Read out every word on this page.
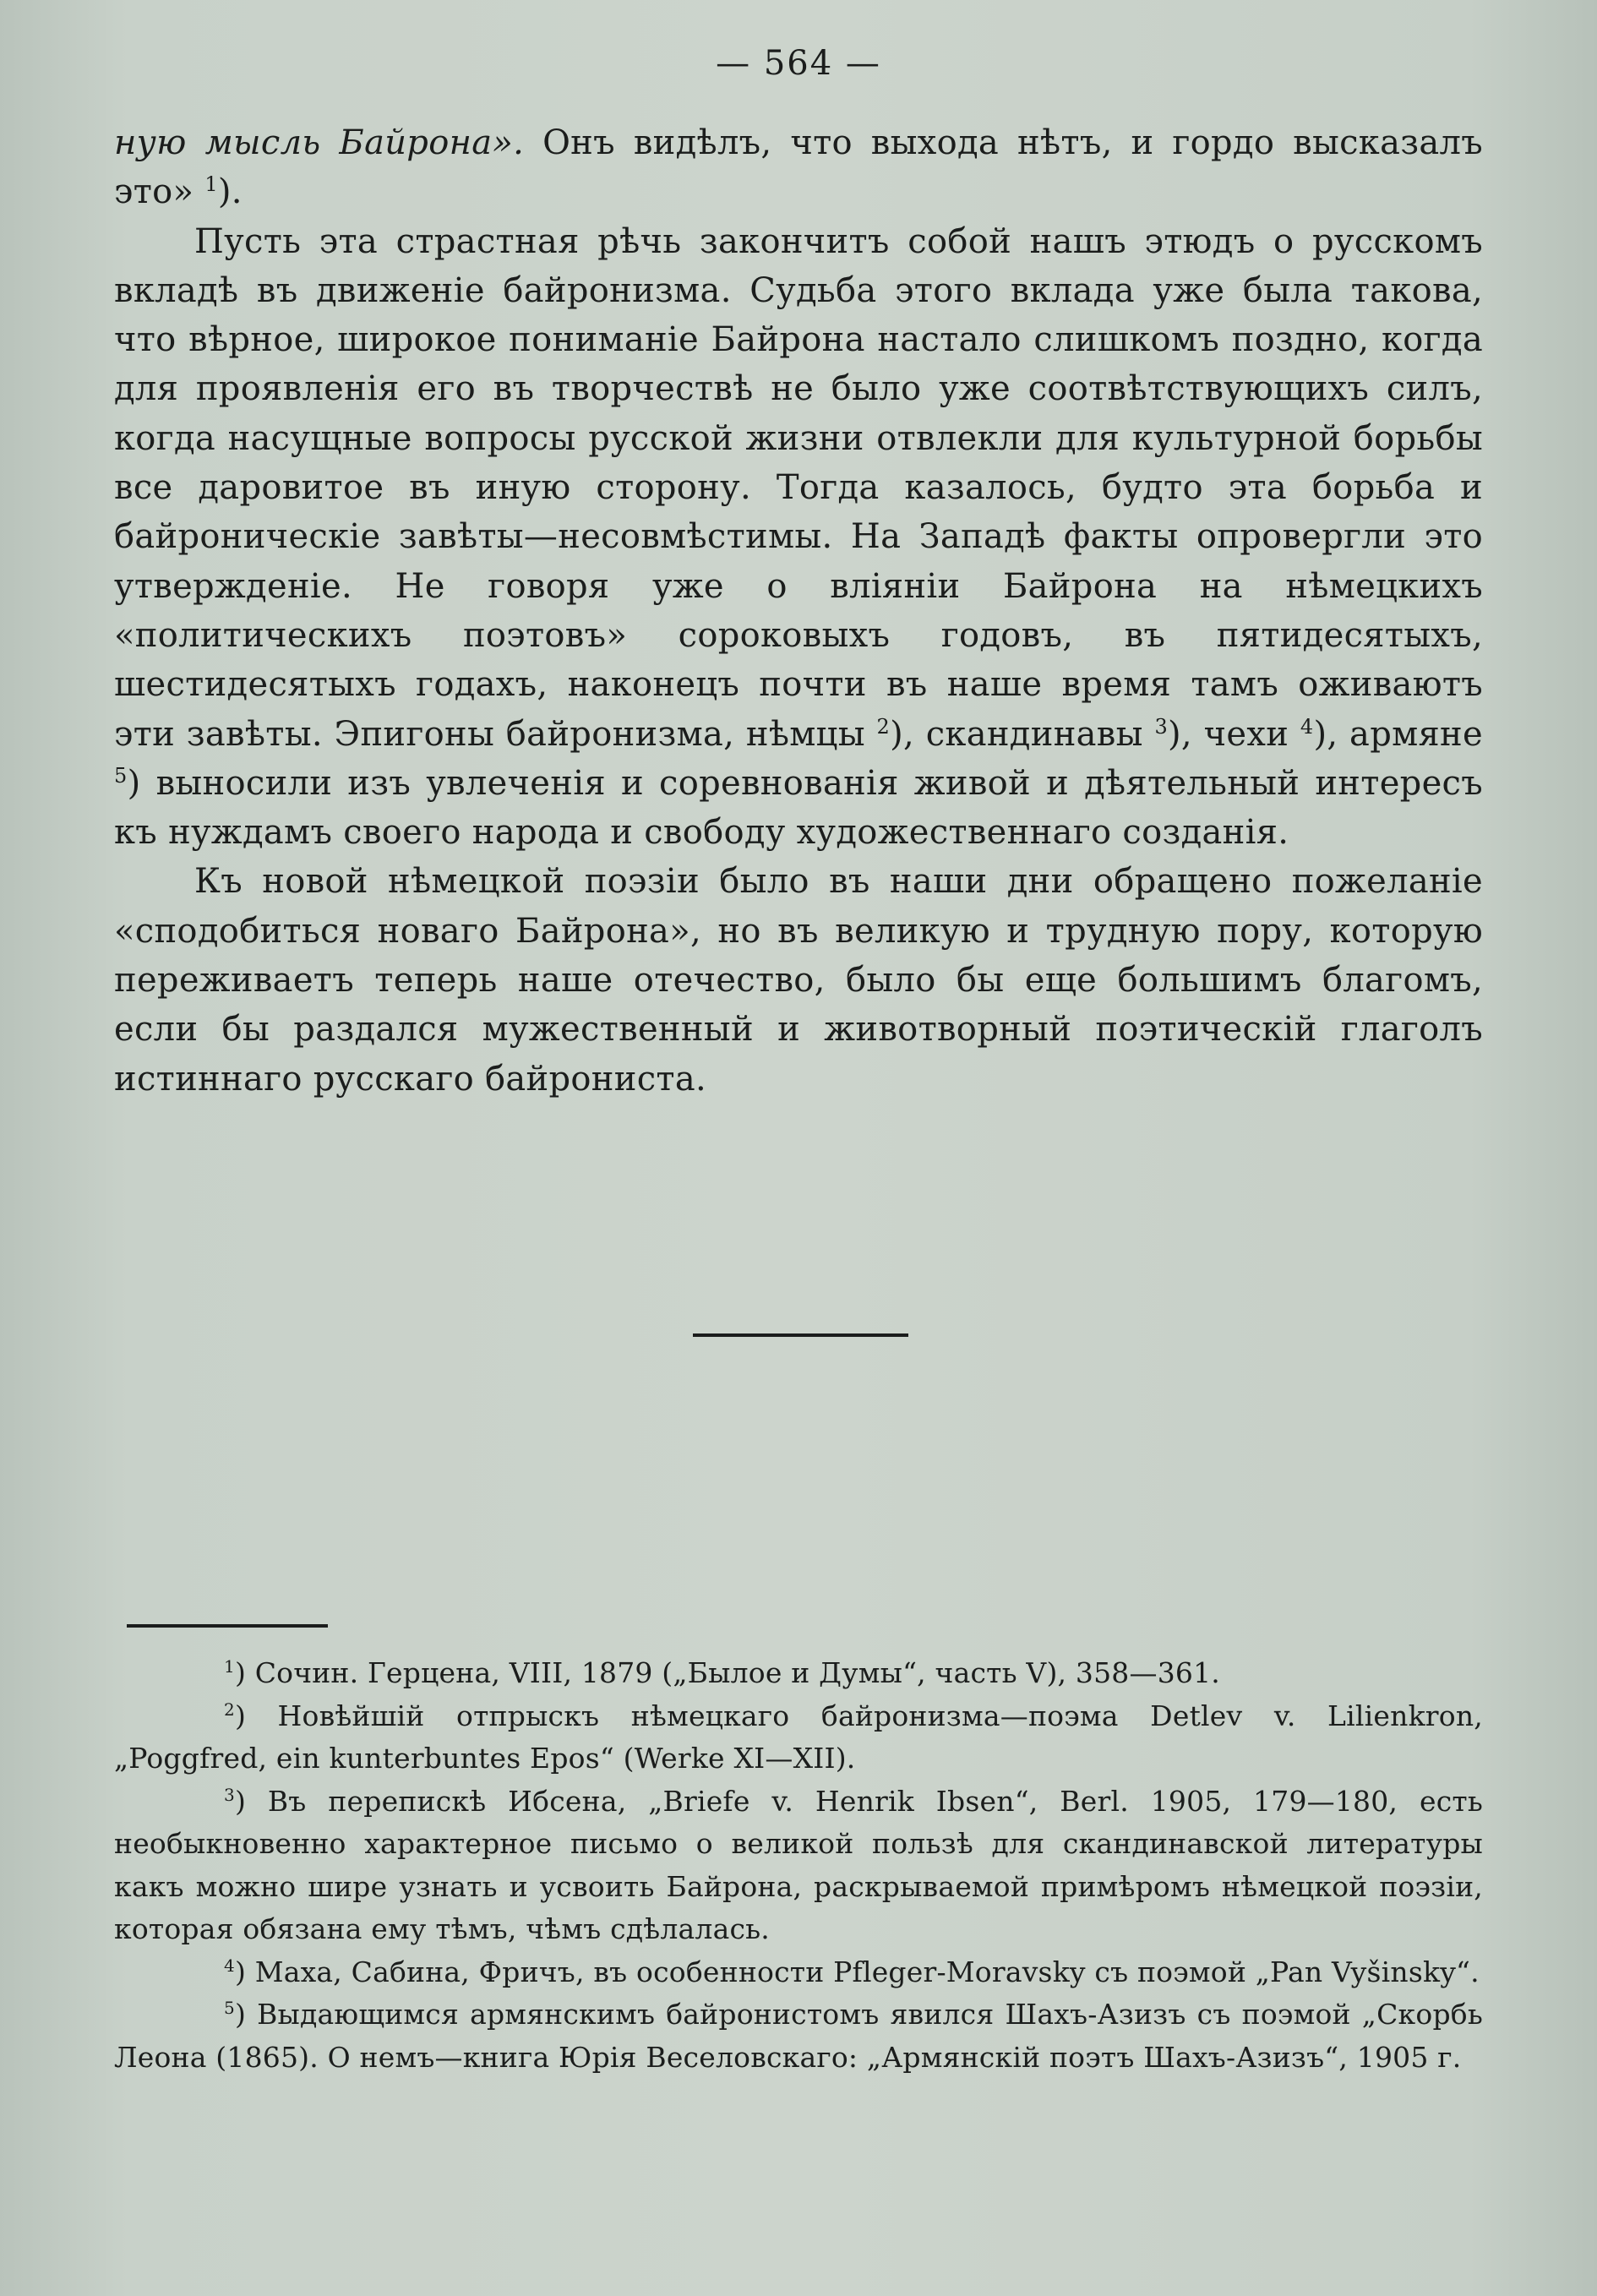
— 564 —

ную мысль Байрона». Онъ видѣлъ, что выхода нѣтъ, и гордо высказалъ это» $^1$).

Пусть эта страстная рѣчь закончитъ собой нашъ этюдъ о русскомъ вкладѣ въ движеніе байронизма. Судьба этого вклада уже была такова, что вѣрное, широкое пониманіе Байрона настало слишкомъ поздно, когда для проявленія его въ творчествѣ не было уже соотвѣтствующихъ силъ, когда насущные вопросы русской жизни отвлекли для культурной борьбы все даровитое въ иную сторону. Тогда казалось, будто эта борьба и байроническіе завѣты—несовмѣстимы. На Западѣ факты опровергли это утвержденіе. Не говоря уже о вліяніи Байрона на нѣмецкихъ «политическихъ поэтовъ» сороковыхъ годовъ, въ пятидесятыхъ, шестидесятыхъ годахъ, наконецъ почти въ наше время тамъ оживаютъ эти завѣты. Эпигоны байронизма, нѣмцы $^2$), скандинавы $^3$), чехи $^4$), армяне $^5$) выносили изъ увлеченія и соревнованія живой и дѣятельный интересъ къ нуждамъ своего народа и свободу художественнаго созданія.

Къ новой нѣмецкой поэзіи было въ наши дни обращено пожеланіе «сподобиться новаго Байрона», но въ великую и трудную пору, которую переживаетъ теперь наше отечество, было бы еще большимъ благомъ, если бы раздался мужественный и животворный поэтическій глаголъ истиннаго русскаго байрониста.

$^1$) Сочин. Герцена, VIII, 1879 („Былое и Думы“, часть V), 358—361.

$^2$) Новѣйшій отпрыскъ нѣмецкаго байронизма—поэма Detlev v. Lilienkron, „Poggfred, ein kunterbuntes Epos“ (Werke XI—XII).

$^3$) Въ перепискѣ Ибсена, „Briefe v. Henrik Ibsen“, Berl. 1905, 179—180, есть необыкновенно характерное письмо о великой пользѣ для скандинавской литературы какъ можно шире узнать и усвоить Байрона, раскрываемой примѣромъ нѣмецкой поэзіи, которая обязана ему тѣмъ, чѣмъ сдѣлалась.

$^4$) Маха, Сабина, Фричъ, въ особенности Pfleger-Moravsky съ поэмой „Pan Vyšinsky“.

$^5$) Выдающимся армянскимъ байронистомъ явился Шахъ-Азизъ съ поэмой „Скорбь Леона (1865). О немъ—книга Юрія Веселовскаго: „Армянскій поэтъ Шахъ-Азизъ“, 1905 г.
